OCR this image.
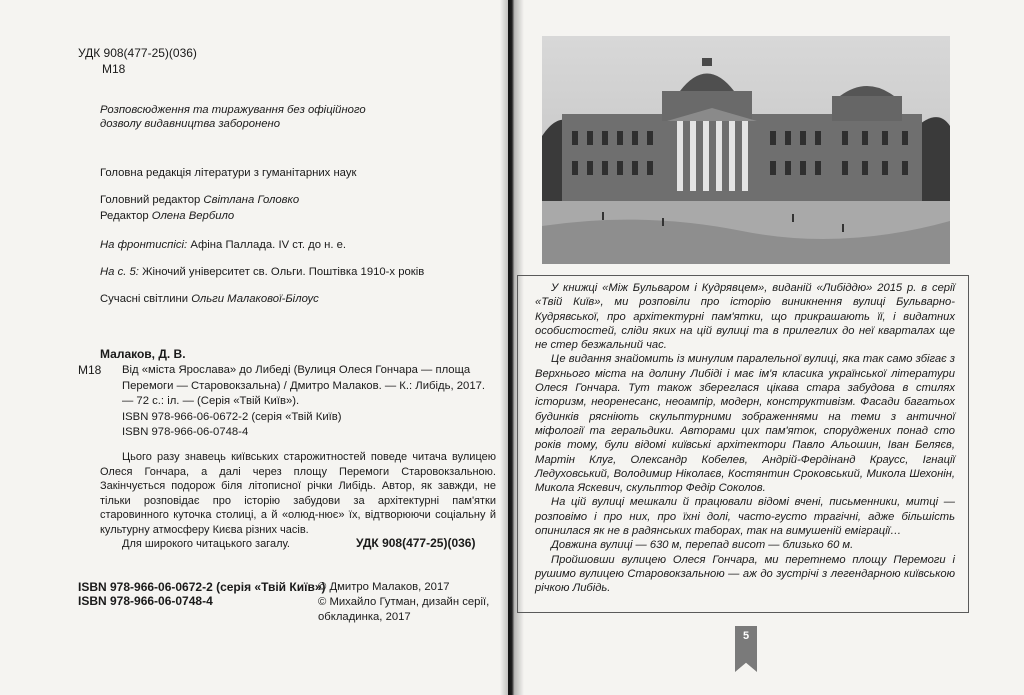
УДК 908(477-25)(036)
М18
Розповсюдження та тиражування без офіційного дозволу видавництва заборонено
Головна редакція літератури з гуманітарних наук
Головний редактор Світлана Головко
Редактор Олена Вербило
На фронтиспісі: Афіна Паллада. IV ст. до н. е.
На с. 5: Жіночий університет св. Ольги. Поштівка 1910-х років
Сучасні світлини Ольги Малакової-Білоус
Малаков, Д. В.
М18	Від «міста Ярослава» до Либеді (Вулиця Олеся Гончара — площа Перемоги — Старовокзальна) / Дмитро Малаков. — К.: Либідь, 2017. — 72 с.: іл. — (Серія «Твій Київ»).
ISBN 978-966-06-0672-2 (серія «Твій Київ)
ISBN 978-966-06-0748-4

Цього разу знавець київських старожитностей поведе читача вулицею Олеся Гончара, а далі через площу Перемоги Старовокзальною. Закінчується подорож біля літописної річки Либідь. Автор, як завжди, не тільки розповідає про історію забудови за архітектурні пам'ятки старовинного куточка столиці, а й «олюд-нює» їх, відтворюючи соціальну й культурну атмосферу Києва різних часів.

Для широкого читацького загалу.	УДК 908(477-25)(036)
ISBN 978-966-06-0672-2 (серія «Твій Київ»)
ISBN 978-966-06-0748-4
© Дмитро Малаков, 2017
© Михайло Гутман, дизайн серії, обкладинка, 2017

У книжці «Між Бульваром і Кудрявцем», виданій «Либіддю» 2015 р. в серії «Твій Київ», ми розповіли про історію виникнення вулиці Бульварно-Кудрявської, про архітектурні пам'ятки, що прикрашають її, і видатних особистостей, сліди яких на цій вулиці та в прилеглих до неї кварталах ще не стер безжальний час.

Це видання знайомить із минулим паралельної вулиці, яка так само збігає з Верхнього міста на долину Либіді і має ім'я класика української літератури Олеся Гончара. Тут також збереглася цікава стара забудова в стилях історизм, неоренесанс, неоампір, модерн, конструктивізм. Фасади багатьох будинків рясніють скульптурними зображеннями на теми з античної міфології та геральдики. Авторами цих пам'яток, споруджених понад сто років тому, були відомі київські архітектори Павло Альошин, Іван Беляєв, Мартін Клуг, Олександр Кобелев, Андрій-Фердінанд Краусс, Ігнації Ледуховський, Володимир Ніколаєв, Костянтин Сроковський, Микола Шехонін, Микола Яскевич, скульптор Федір Соколов.

На цій вулиці мешкали й працювали відомі вчені, письменники, митці — розповімо і про них, про їхні долі, часто-густо трагічні, адже більшість опинилася як не в радянських таборах, так на вимушеній еміграції…

Довжина вулиці — 630 м, перепад висот — близько 60 м.

Пройшовши вулицею Олеся Гончара, ми перетнемо площу Перемоги і рушимо вулицею Старовокзальною — аж до зустрічі з легендарною київською річкою Либідь.

5
